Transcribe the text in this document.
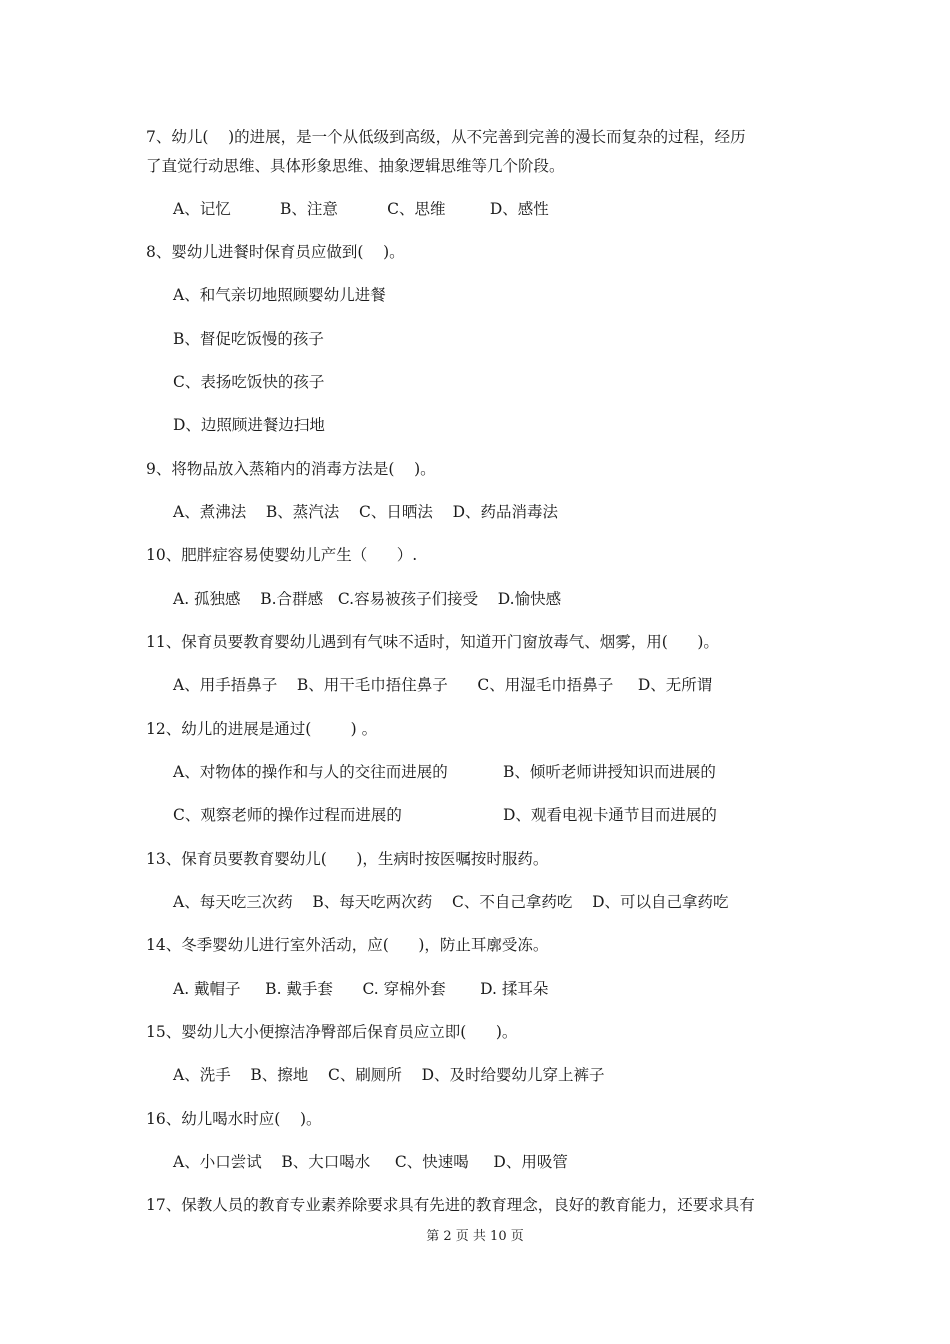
7、幼儿(    )的进展，是一个从低级到高级，从不完善到完善的漫长而复杂的过程，经历
了直觉行动思维、具体形象思维、抽象逻辑思维等几个阶段。
A、记忆          B、注意          C、思维         D、感性
8、婴幼儿进餐时保育员应做到(    )。
A、和气亲切地照顾婴幼儿进餐
B、督促吃饭慢的孩子
C、表扬吃饭快的孩子
D、边照顾进餐边扫地
9、将物品放入蒸箱内的消毒方法是(    )。
A、煮沸法    B、蒸汽法    C、日晒法    D、药品消毒法
10、肥胖症容易使婴幼儿产生（      ）.
A. 孤独感    B.合群感   C.容易被孩子们接受    D.愉快感
11、保育员要教育婴幼儿遇到有气味不适时，知道开门窗放毒气、烟雾，用(      )。
A、用手捂鼻子    B、用干毛巾捂住鼻子      C、用湿毛巾捂鼻子     D、无所谓
12、幼儿的进展是通过(        ) 。
A、对物体的操作和与人的交往而进展的	B、倾听老师讲授知识而进展的
C、观察老师的操作过程而进展的	D、观看电视卡通节目而进展的
13、保育员要教育婴幼儿(      )，生病时按医嘱按时服药。
A、每天吃三次药    B、每天吃两次药    C、不自己拿药吃    D、可以自己拿药吃
14、冬季婴幼儿进行室外活动，应(      )，防止耳廓受冻。
A. 戴帽子     B. 戴手套      C. 穿棉外套       D. 揉耳朵
15、婴幼儿大小便擦洁净臀部后保育员应立即(      )。
A、洗手    B、擦地    C、刷厕所    D、及时给婴幼儿穿上裤子
16、幼儿喝水时应(    )。
A、小口尝试    B、大口喝水     C、快速喝     D、用吸管
17、保教人员的教育专业素养除要求具有先进的教育理念，良好的教育能力，还要求具有
第 2 页 共 10 页
